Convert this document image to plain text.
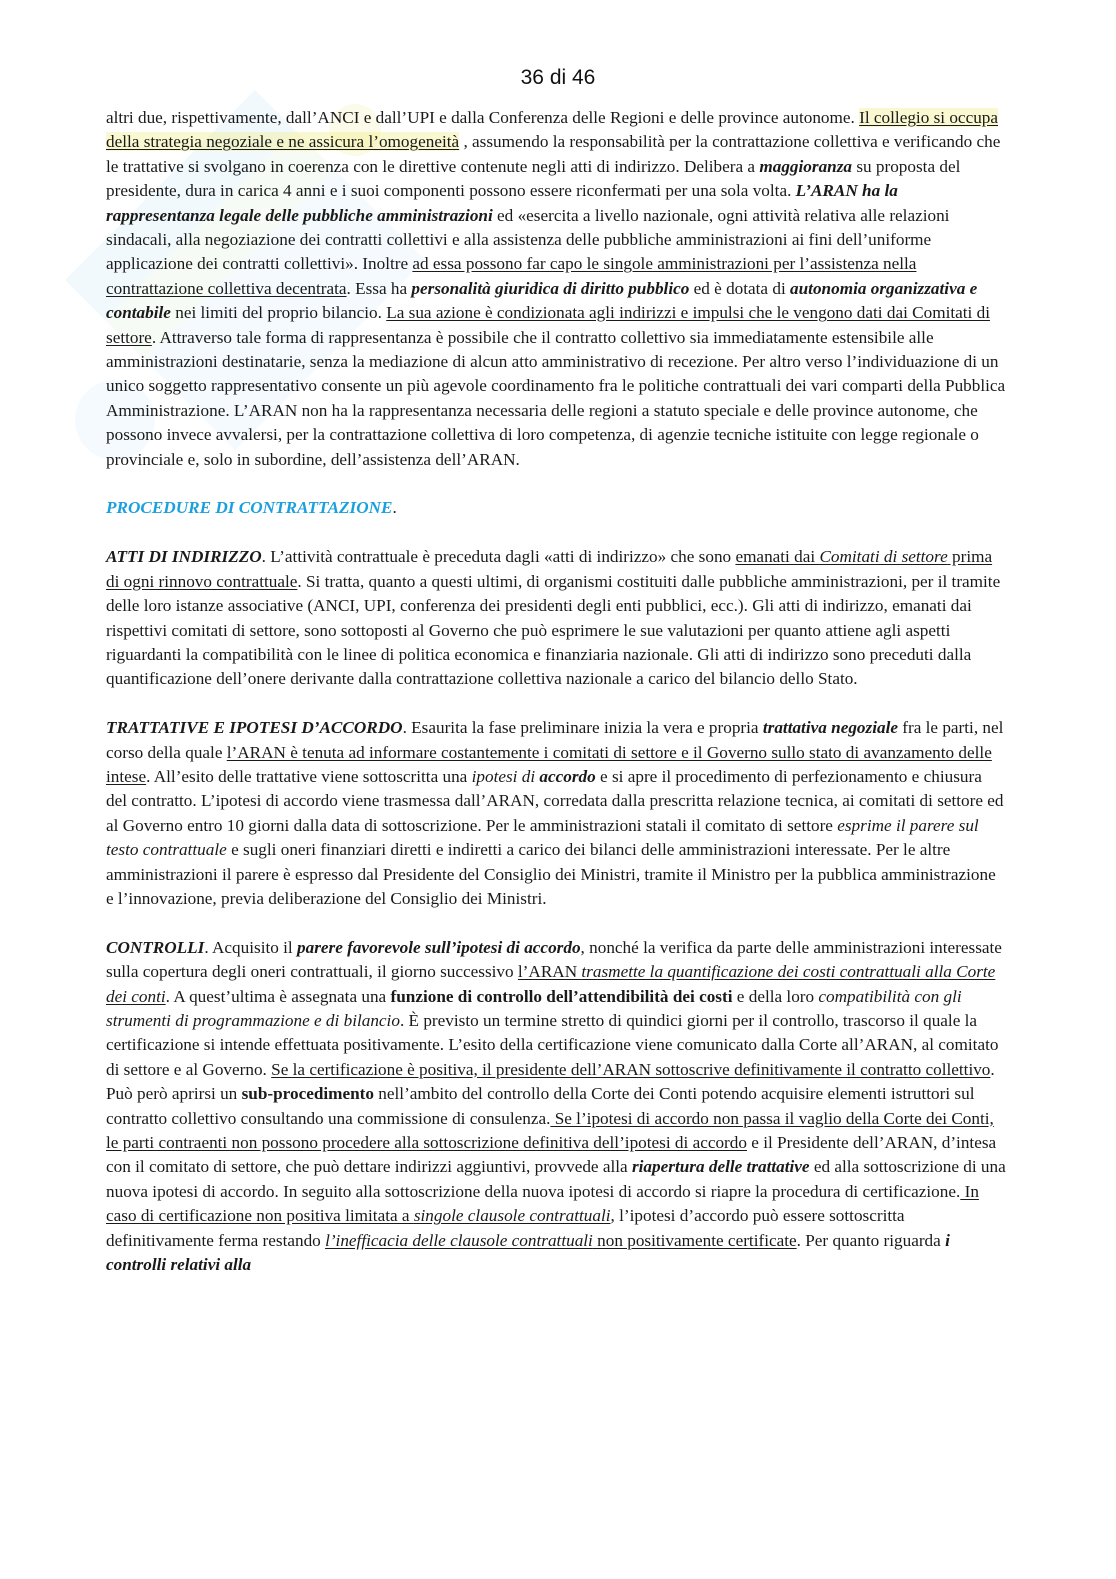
36 di 46

altri due, rispettivamente, dall’ANCI e dall’UPI e dalla Conferenza delle Regioni e delle province autonome. Il collegio si occupa della strategia negoziale e ne assicura l’omogeneità , assumendo la responsabilità per la contrattazione collettiva e verificando che le trattative si svolgano in coerenza con le direttive contenute negli atti di indirizzo. Delibera a maggioranza su proposta del presidente, dura in carica 4 anni e i suoi componenti possono essere riconfermati per una sola volta. L’ARAN ha la rappresentanza legale delle pubbliche amministrazioni ed «esercita a livello nazionale, ogni attività relativa alle relazioni sindacali, alla negoziazione dei contratti collettivi e alla assistenza delle pubbliche amministrazioni ai fini dell’uniforme applicazione dei contratti collettivi». Inoltre ad essa possono far capo le singole amministrazioni per l’assistenza nella contrattazione collettiva decentrata. Essa ha personalità giuridica di diritto pubblico ed è dotata di autonomia organizzativa e contabile nei limiti del proprio bilancio. La sua azione è condizionata agli indirizzi e impulsi che le vengono dati dai Comitati di settore. Attraverso tale forma di rappresentanza è possibile che il contratto collettivo sia immediatamente estensibile alle amministrazioni destinatarie, senza la mediazione di alcun atto amministrativo di recezione. Per altro verso l’individuazione di un unico soggetto rappresentativo consente un più agevole coordinamento fra le politiche contrattuali dei vari comparti della Pubblica Amministrazione. L’ARAN non ha la rappresentanza necessaria delle regioni a statuto speciale e delle province autonome, che possono invece avvalersi, per la contrattazione collettiva di loro competenza, di agenzie tecniche istituite con legge regionale o provinciale e, solo in subordine, dell’assistenza dell’ARAN.

PROCEDURE DI CONTRATTAZIONE.

ATTI DI INDIRIZZO. L’attività contrattuale è preceduta dagli «atti di indirizzo» che sono emanati dai Comitati di settore prima di ogni rinnovo contrattuale. Si tratta, quanto a questi ultimi, di organismi costituiti dalle pubbliche amministrazioni, per il tramite delle loro istanze associative (ANCI, UPI, conferenza dei presidenti degli enti pubblici, ecc.). Gli atti di indirizzo, emanati dai rispettivi comitati di settore, sono sottoposti al Governo che può esprimere le sue valutazioni per quanto attiene agli aspetti riguardanti la compatibilità con le linee di politica economica e finanziaria nazionale. Gli atti di indirizzo sono preceduti dalla quantificazione dell’onere derivante dalla contrattazione collettiva nazionale a carico del bilancio dello Stato.

TRATTATIVE E IPOTESI D’ACCORDO. Esaurita la fase preliminare inizia la vera e propria trattativa negoziale fra le parti, nel corso della quale l’ARAN è tenuta ad informare costantemente i comitati di settore e il Governo sullo stato di avanzamento delle intese. All’esito delle trattative viene sottoscritta una ipotesi di accordo e si apre il procedimento di perfezionamento e chiusura del contratto. L’ipotesi di accordo viene trasmessa dall’ARAN, corredata dalla prescritta relazione tecnica, ai comitati di settore ed al Governo entro 10 giorni dalla data di sottoscrizione. Per le amministrazioni statali il comitato di settore esprime il parere sul testo contrattuale e sugli oneri finanziari diretti e indiretti a carico dei bilanci delle amministrazioni interessate. Per le altre amministrazioni il parere è espresso dal Presidente del Consiglio dei Ministri, tramite il Ministro per la pubblica amministrazione e l’innovazione, previa deliberazione del Consiglio dei Ministri.

CONTROLLI. Acquisito il parere favorevole sull’ipotesi di accordo, nonché la verifica da parte delle amministrazioni interessate sulla copertura degli oneri contrattuali, il giorno successivo l’ARAN trasmette la quantificazione dei costi contrattuali alla Corte dei conti. A quest’ultima è assegnata una funzione di controllo dell’attendibilità dei costi e della loro compatibilità con gli strumenti di programmazione e di bilancio. È previsto un termine stretto di quindici giorni per il controllo, trascorso il quale la certificazione si intende effettuata positivamente. L’esito della certificazione viene comunicato dalla Corte all’ARAN, al comitato di settore e al Governo. Se la certificazione è positiva, il presidente dell’ARAN sottoscrive definitivamente il contratto collettivo. Può però aprirsi un sub-procedimento nell’ambito del controllo della Corte dei Conti potendo acquisire elementi istruttori sul contratto collettivo consultando una commissione di consulenza. Se l’ipotesi di accordo non passa il vaglio della Corte dei Conti, le parti contraenti non possono procedere alla sottoscrizione definitiva dell’ipotesi di accordo e il Presidente dell’ARAN, d’intesa con il comitato di settore, che può dettare indirizzi aggiuntivi, provvede alla riapertura delle trattative ed alla sottoscrizione di una nuova ipotesi di accordo. In seguito alla sottoscrizione della nuova ipotesi di accordo si riapre la procedura di certificazione. In caso di certificazione non positiva limitata a singole clausole contrattuali, l’ipotesi d’accordo può essere sottoscritta definitivamente ferma restando l’inefficacia delle clausole contrattuali non positivamente certificate. Per quanto riguarda i controlli relativi alla
